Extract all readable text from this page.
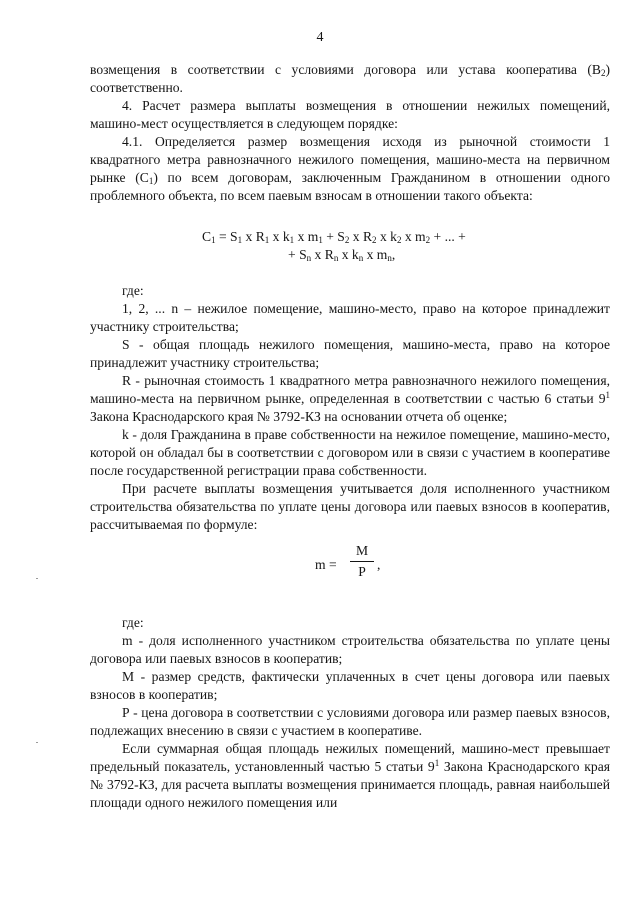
4

возмещения в соответствии с условиями договора или устава кооператива $(В_2)$ соответственно.

4. Расчет размера выплаты возмещения в отношении нежилых помещений, машино-мест осуществляется в следующем порядке:

4.1. Определяется размер возмещения исходя из рыночной стоимости 1 квадратного метра равнозначного нежилого помещения, машино-места на первичном рынке $(С_1)$ по всем договорам, заключенным Гражданином в отношении одного проблемного объекта, по всем паевым взносам в отношении такого объекта:

$С_1 = S_1$ х $R_1$ х $k_1$ х $m_1 + S_2$ х $R_2$ х $k_2$ х $m_2$ + ... +
+ $S_n$ х $R_n$ х $k_n$ х $m_n$,

где:

1, 2, ... n – нежилое помещение, машино-место, право на которое принадлежит участнику строительства;

S - общая площадь нежилого помещения, машино-места, право на которое принадлежит участнику строительства;

R - рыночная стоимость 1 квадратного метра равнозначного нежилого помещения, машино-места на первичном рынке, определенная в соответствии с частью 6 статьи $9^1$ Закона Краснодарского края № 3792-КЗ на основании отчета об оценке;

k - доля Гражданина в праве собственности на нежилое помещение, машино-место, которой он обладал бы в соответствии с договором или в связи с участием в кооперативе после государственной регистрации права собственности.

При расчете выплаты возмещения учитывается доля исполненного участником строительства обязательства по уплате цены договора или паевых взносов в кооператив, рассчитываемая по формуле:

m =
М
Р ,

где:

m - доля исполненного участником строительства обязательства по уплате цены договора или паевых взносов в кооператив;

М - размер средств, фактически уплаченных в счет цены договора или паевых взносов в кооператив;

Р - цена договора в соответствии с условиями договора или размер паевых взносов, подлежащих внесению в связи с участием в кооперативе.

Если суммарная общая площадь нежилых помещений, машино-мест превышает предельный показатель, установленный частью 5 статьи $9^1$ Закона Краснодарского края № 3792-КЗ, для расчета выплаты возмещения принимается площадь, равная наибольшей площади одного нежилого помещения или
